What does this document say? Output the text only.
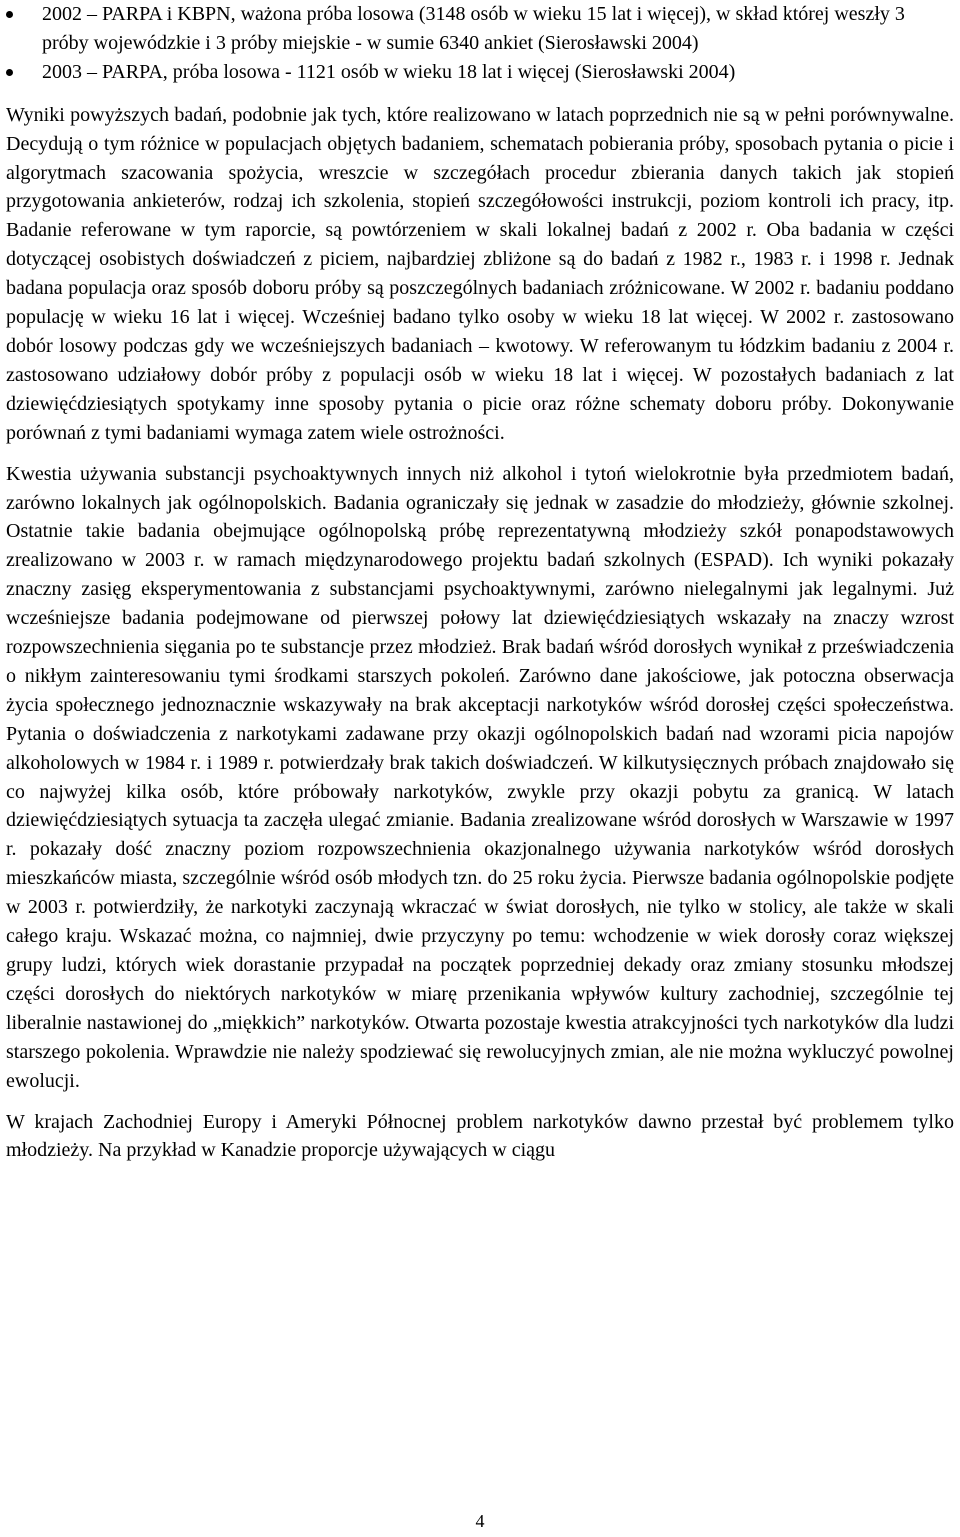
2002 – PARPA i KBPN, ważona próba losowa (3148 osób w wieku 15 lat i więcej), w skład której weszły 3 próby wojewódzkie i 3 próby miejskie - w sumie 6340 ankiet (Sierosławski 2004)
2003 – PARPA, próba losowa - 1121 osób w wieku 18 lat i więcej (Sierosławski 2004)

Wyniki powyższych badań, podobnie jak tych, które realizowano w latach poprzednich nie są w pełni porównywalne. Decydują o tym różnice w populacjach objętych badaniem, schematach pobierania próby, sposobach pytania o picie i algorytmach szacowania spożycia, wreszcie w szczegółach procedur zbierania danych takich jak stopień przygotowania ankieterów, rodzaj ich szkolenia, stopień szczegółowości instrukcji, poziom kontroli ich pracy, itp. Badanie referowane w tym raporcie, są powtórzeniem w skali lokalnej badań z 2002 r. Oba badania w części dotyczącej osobistych doświadczeń z piciem, najbardziej zbliżone są do badań z 1982 r., 1983 r. i 1998 r. Jednak badana populacja oraz sposób doboru próby są poszczególnych badaniach zróżnicowane. W 2002 r. badaniu poddano populację w wieku 16 lat i więcej. Wcześniej badano tylko osoby w wieku 18 lat więcej. W 2002 r. zastosowano dobór losowy podczas gdy we wcześniejszych badaniach – kwotowy. W referowanym tu łódzkim badaniu z 2004 r. zastosowano udziałowy dobór próby z populacji osób w wieku 18 lat i więcej. W pozostałych badaniach z lat dziewięćdziesiątych spotykamy inne sposoby pytania o picie oraz różne schematy doboru próby. Dokonywanie porównań z tymi badaniami wymaga zatem wiele ostrożności.

Kwestia używania substancji psychoaktywnych innych niż alkohol i tytoń wielokrotnie była przedmiotem badań, zarówno lokalnych jak ogólnopolskich. Badania ograniczały się jednak w zasadzie do młodzieży, głównie szkolnej. Ostatnie takie badania obejmujące ogólnopolską próbę reprezentatywną młodzieży szkół ponapodstawowych zrealizowano w 2003 r. w ramach międzynarodowego projektu badań szkolnych (ESPAD). Ich wyniki pokazały znaczny zasięg eksperymentowania z substancjami psychoaktywnymi, zarówno nielegalnymi jak legalnymi. Już wcześniejsze badania podejmowane od pierwszej połowy lat dziewięćdziesiątych wskazały na znaczy wzrost rozpowszechnienia sięgania po te substancje przez młodzież. Brak badań wśród dorosłych wynikał z przeświadczenia o nikłym zainteresowaniu tymi środkami starszych pokoleń. Zarówno dane jakościowe, jak potoczna obserwacja życia społecznego jednoznacznie wskazywały na brak akceptacji narkotyków wśród dorosłej części społeczeństwa. Pytania o doświadczenia z narkotykami zadawane przy okazji ogólnopolskich badań nad wzorami picia napojów alkoholowych w 1984 r. i 1989 r. potwierdzały brak takich doświadczeń. W kilkutysięcznych próbach znajdowało się co najwyżej kilka osób, które próbowały narkotyków, zwykle przy okazji pobytu za granicą. W latach dziewięćdziesiątych sytuacja ta zaczęła ulegać zmianie. Badania zrealizowane wśród dorosłych w Warszawie w 1997 r. pokazały dość znaczny poziom rozpowszechnienia okazjonalnego używania narkotyków wśród dorosłych mieszkańców miasta, szczególnie wśród osób młodych tzn. do 25 roku życia. Pierwsze badania ogólnopolskie podjęte w 2003 r. potwierdziły, że narkotyki zaczynają wkraczać w świat dorosłych, nie tylko w stolicy, ale także w skali całego kraju. Wskazać można, co najmniej, dwie przyczyny po temu: wchodzenie w wiek dorosły coraz większej grupy ludzi, których wiek dorastanie przypadał na początek poprzedniej dekady oraz zmiany stosunku młodszej części dorosłych do niektórych narkotyków w miarę przenikania wpływów kultury zachodniej, szczególnie tej liberalnie nastawionej do „miękkich” narkotyków. Otwarta pozostaje kwestia atrakcyjności tych narkotyków dla ludzi starszego pokolenia. Wprawdzie nie należy spodziewać się rewolucyjnych zmian, ale nie można wykluczyć powolnej ewolucji.

W krajach Zachodniej Europy i Ameryki Północnej problem narkotyków dawno przestał być problemem tylko młodzieży. Na przykład w Kanadzie proporcje używających w ciągu

4
